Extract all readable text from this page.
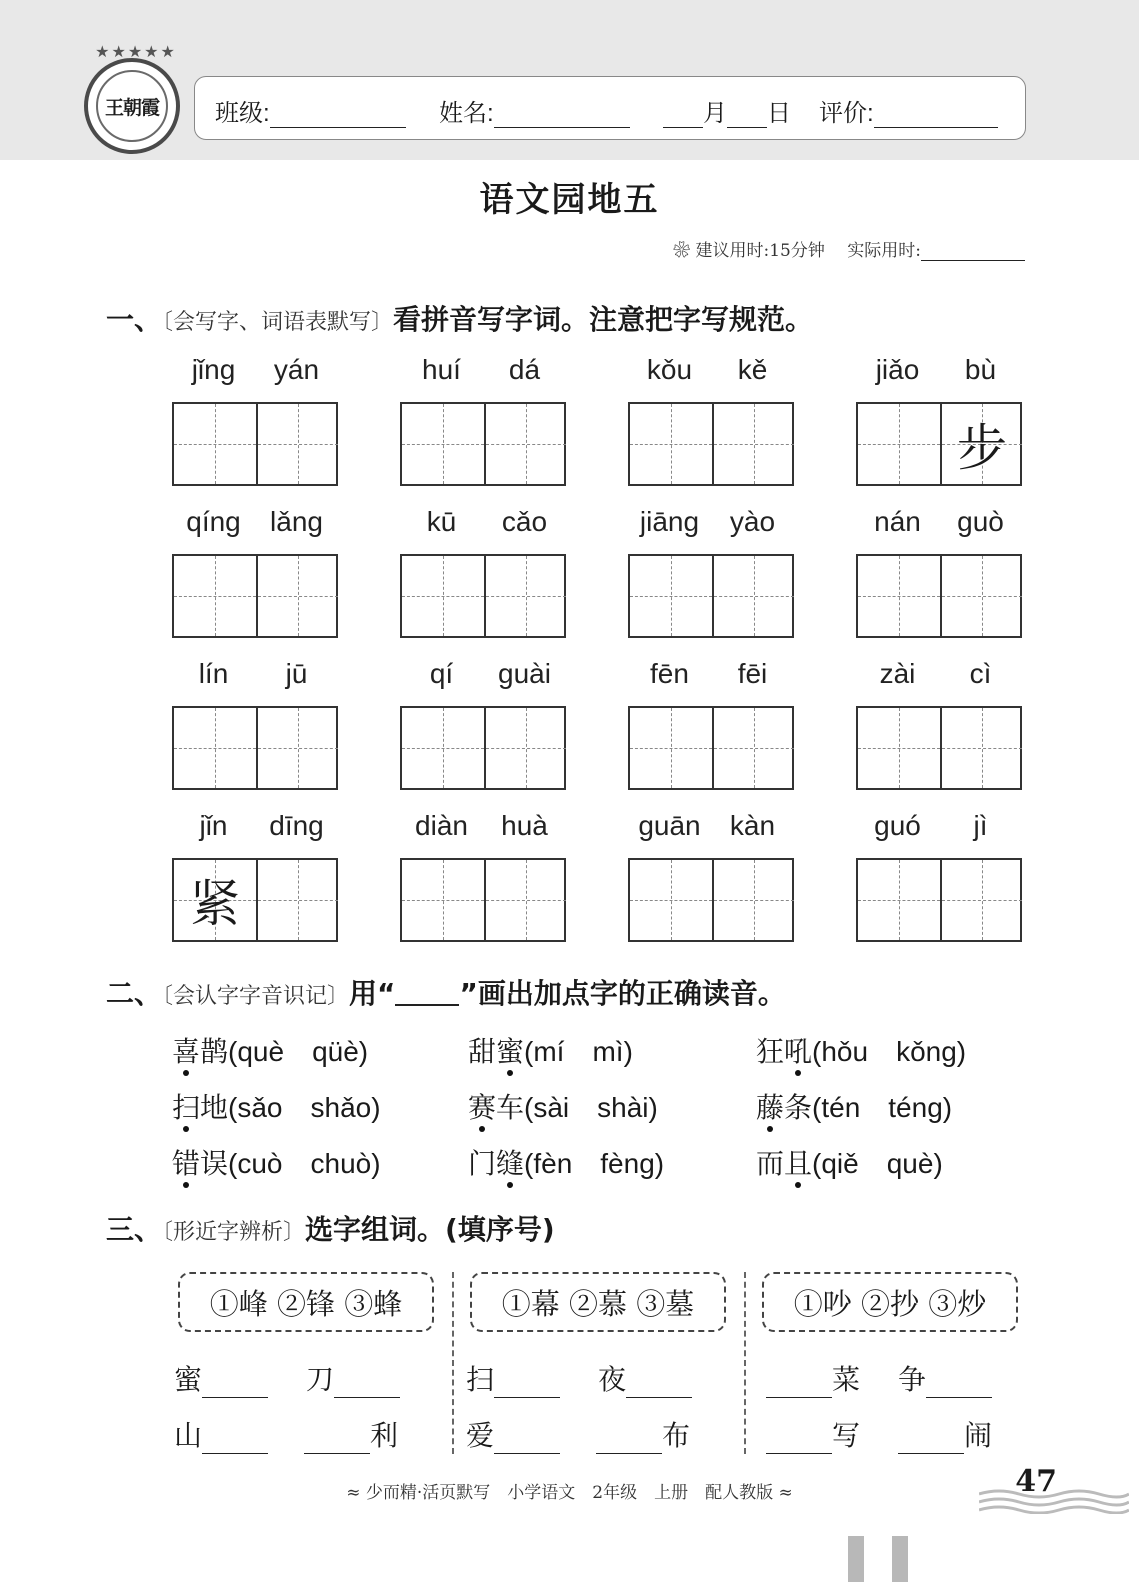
★★★★★
王朝霞	班级:	姓名:	月 日 评价:
语文园地五
❀ 建议用时:15分钟　 实际用时:
一、〔会写字、词语表默写〕看拼音写字词。注意把字写规范。
jǐng	yán	huí	dá	kǒu	kě	jiǎo	bù
步
qíng	lǎng	kū	cǎo	jiāng	yào	nán	guò
lín	jū	qí	guài	fēn	fēi	zài	cì
jǐn	dīng
紧
diàn	huà	guān	kàn	guó	jì
二、〔会认字字音识记〕用“ ”画出加点字的正确读音。
喜鹊(què　qüè)	甜蜜(mí　mì)	狂吼(hǒu　kǒng)
扫地(sǎo　shǎo)	赛车(sài　shài)	藤条(tén　téng)
错误(cuò　chuò)	门缝(fèn　fèng)	而且(qiě　què)
三、〔形近字辨析〕选字组词。(填序号)
①峰 ②锋 ③蜂
蜜	刀
山	利
①幕 ②慕 ③墓
扫	夜
爱	布
①吵 ②抄 ③炒
菜 争
写	闹
≈ 少而精·活页默写　小学语文　2年级　上册　配人教版 ≈	47
